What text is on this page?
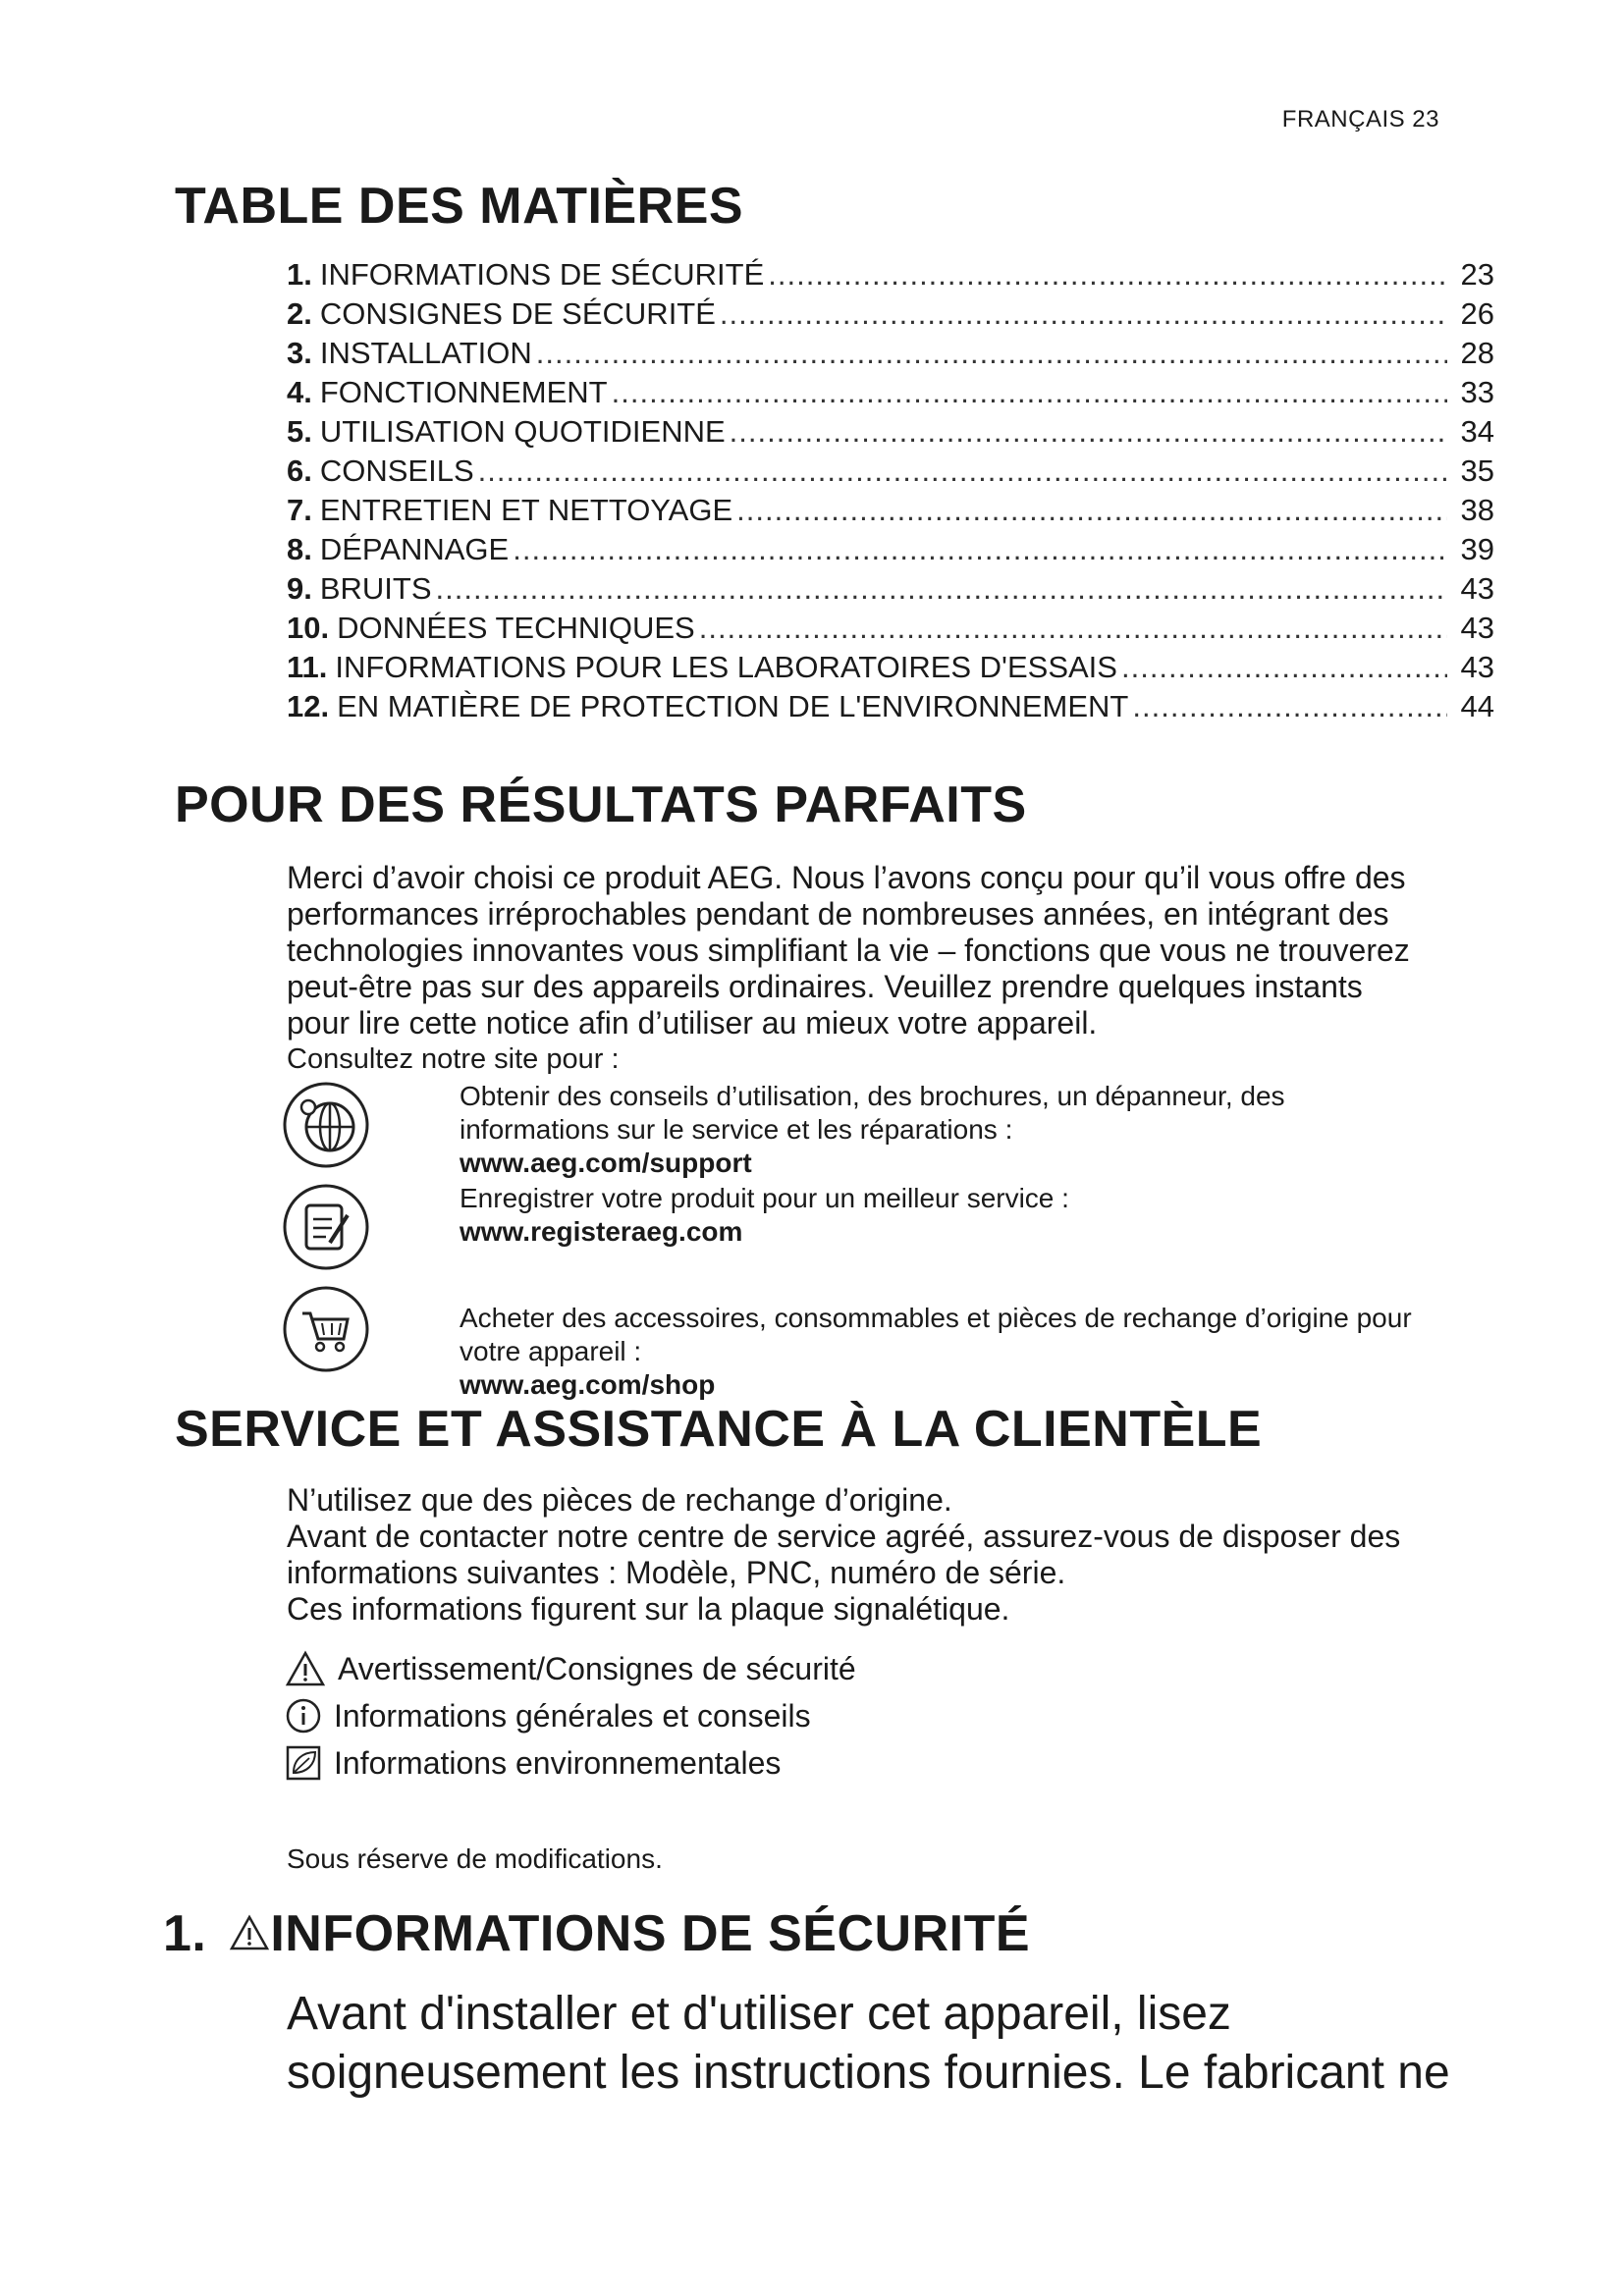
FRANÇAIS 23
TABLE DES MATIÈRES
1. INFORMATIONS DE SÉCURITÉ .....	23
2. CONSIGNES DE SÉCURITÉ .....	26
3. INSTALLATION .....	28
4. FONCTIONNEMENT .....	33
5. UTILISATION QUOTIDIENNE .....	34
6. CONSEILS .....	35
7. ENTRETIEN ET NETTOYAGE .....	38
8. DÉPANNAGE .....	39
9. BRUITS .....	43
10. DONNÉES TECHNIQUES .....	43
11. INFORMATIONS POUR LES LABORATOIRES D'ESSAIS .....	43
12. EN MATIÈRE DE PROTECTION DE L'ENVIRONNEMENT .....	44
POUR DES RÉSULTATS PARFAITS
Merci d’avoir choisi ce produit AEG. Nous l’avons conçu pour qu’il vous offre des
performances irréprochables pendant de nombreuses années, en intégrant des
technologies innovantes vous simplifiant la vie – fonctions que vous ne trouverez
peut-être pas sur des appareils ordinaires. Veuillez prendre quelques instants
pour lire cette notice afin d’utiliser au mieux votre appareil.
Consultez notre site pour :
Obtenir des conseils d’utilisation, des brochures, un dépanneur, des
informations sur le service et les réparations :
www.aeg.com/support
Enregistrer votre produit pour un meilleur service :
www.registeraeg.com
Acheter des accessoires, consommables et pièces de rechange d’origine pour
votre appareil :
www.aeg.com/shop
SERVICE ET ASSISTANCE À LA CLIENTÈLE
N’utilisez que des pièces de rechange d’origine.
Avant de contacter notre centre de service agréé, assurez-vous de disposer des
informations suivantes : Modèle, PNC, numéro de série.
Ces informations figurent sur la plaque signalétique.
Avertissement/Consignes de sécurité
Informations générales et conseils
Informations environnementales

Sous réserve de modifications.

1. INFORMATIONS DE SÉCURITÉ
Avant d'installer et d'utiliser cet appareil, lisez
soigneusement les instructions fournies. Le fabricant ne
